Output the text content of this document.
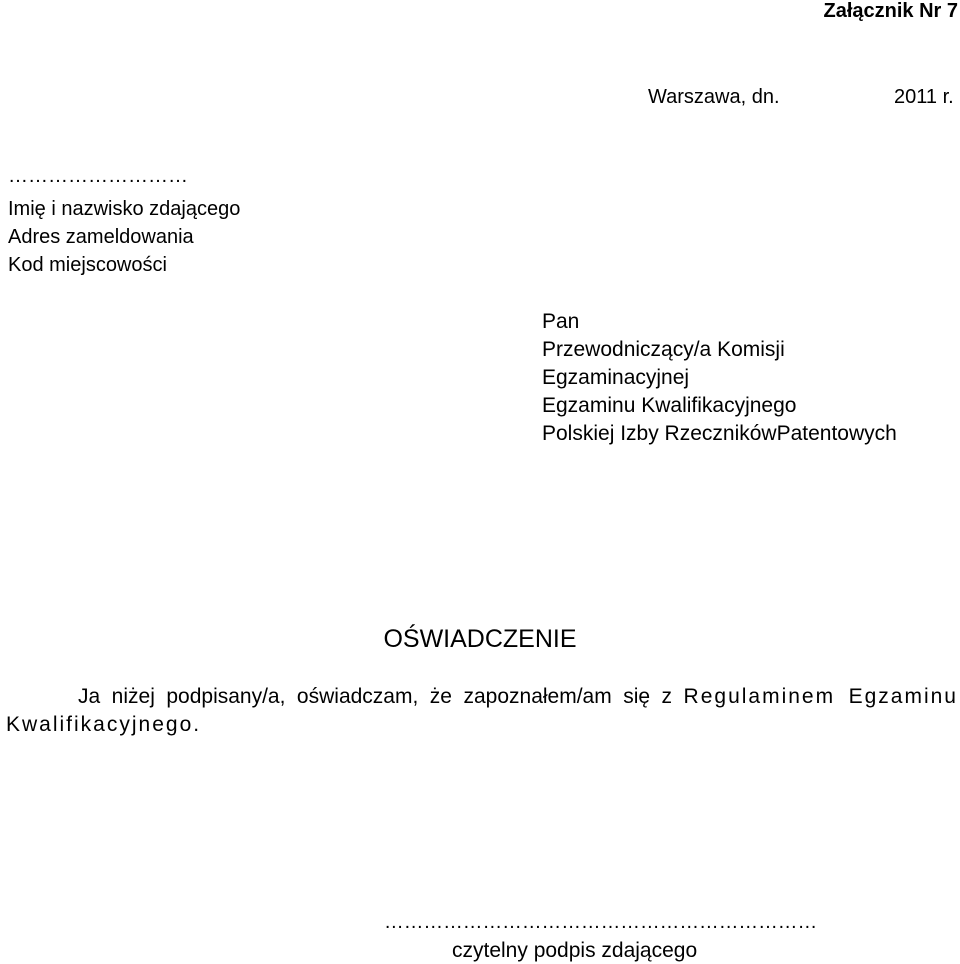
Załącznik Nr 7
Warszawa, dn.	2011 r.
………………………
Imię i nazwisko zdającego
Adres zameldowania
Kod miejscowości
Pan
Przewodniczący/a Komisji
Egzaminacyjnej
Egzaminu Kwalifikacyjnego
Polskiej Izby RzecznikówPatentowych
OŚWIADCZENIE

Ja niżej podpisany/a, oświadczam, że zapoznałem/am się z Regulaminem Egzaminu Kwalifikacyjnego.

…………………………………………………………
czytelny podpis zdającego
